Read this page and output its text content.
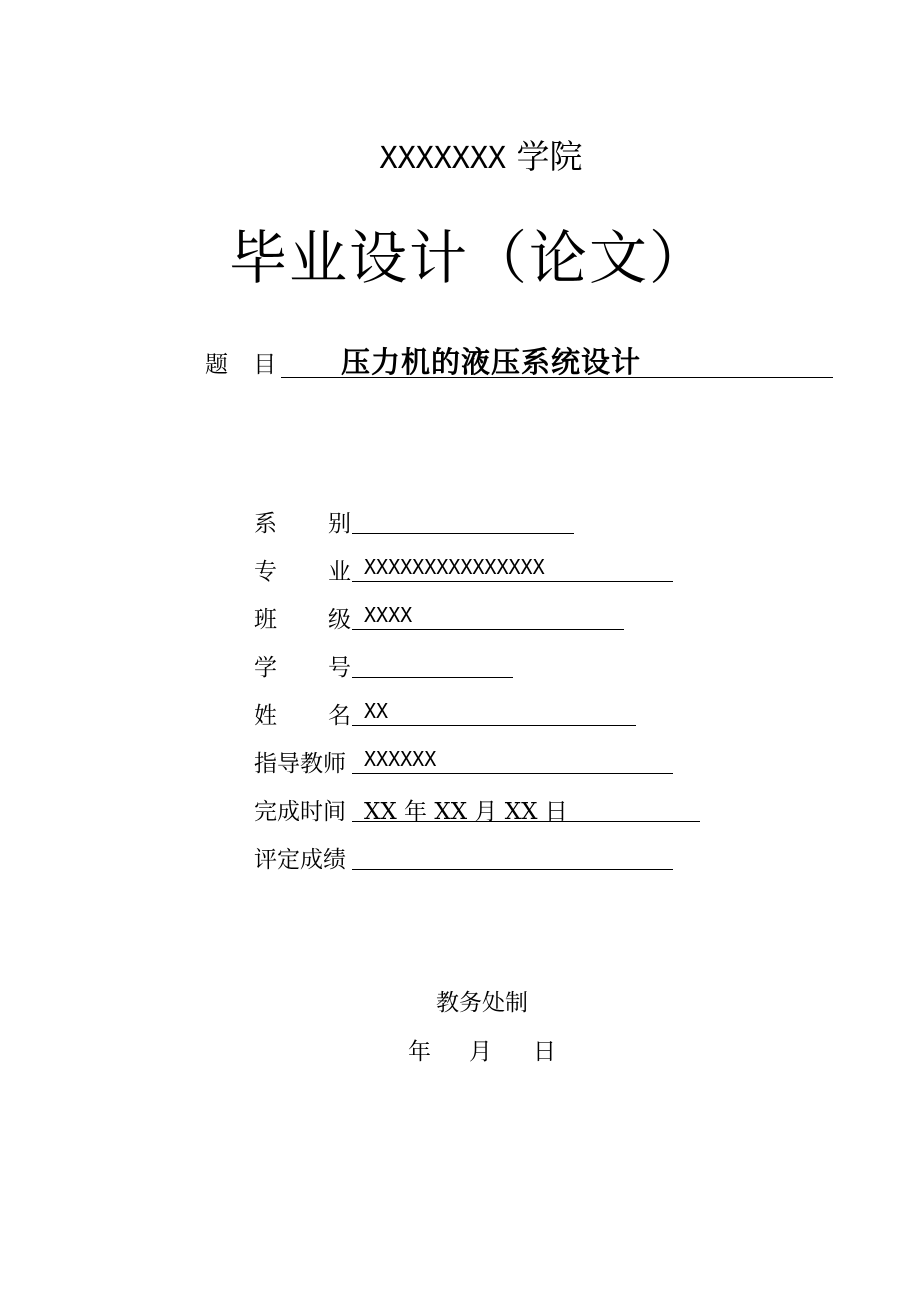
XXXXXXX 学院
毕业设计（论文）
题 目 压力机的液压系统设计
系 别
专 业 XXXXXXXXXXXXXXX
班 级 XXXX
学 号
姓 名 XX
指导教师 XXXXXX
完成时间 XX 年 XX 月 XX 日
评定成绩
教务处制
年 月 日
